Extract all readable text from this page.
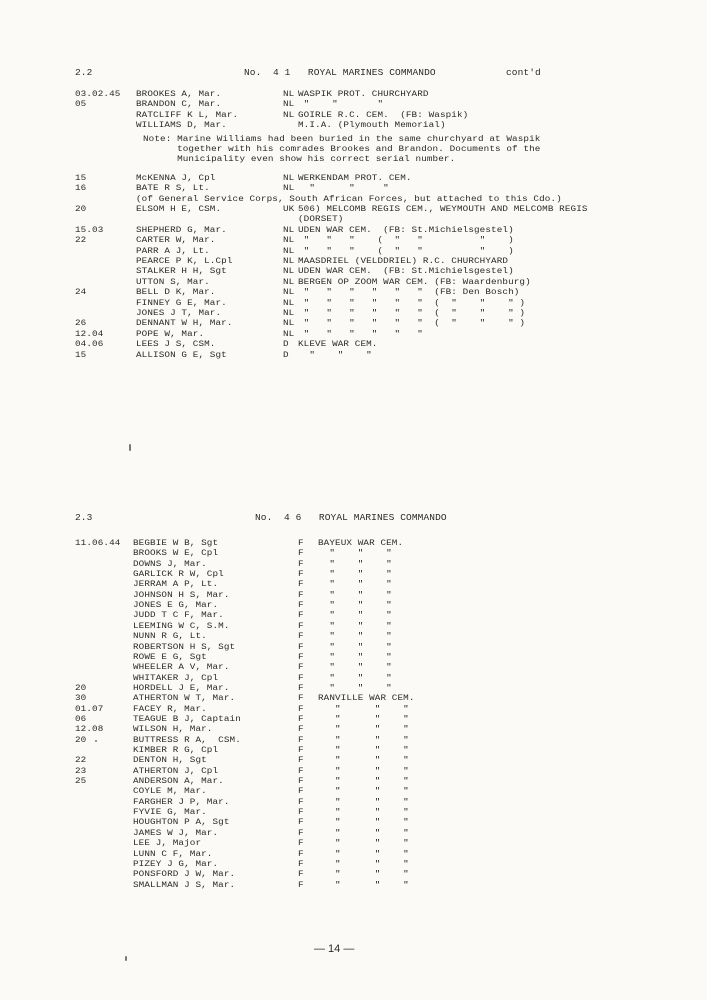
2.2	No.  4 1   ROYAL MARINES COMMANDO	cont'd
03.02.45 BROOKES A, Mar.	NL WASPIK PROT. CHURCHYARD
05	BRANDON C, Mar.	NL "    "       "
RATCLIFF K L, Mar.	NL GOIRLE R.C. CEM.  (FB: Waspik)
WILLIAMS D, Mar.	M.I.A. (Plymouth Memorial)
Note: Marine Williams had been buried in the same churchyard at Waspik
together with his comrades Brookes and Brandon. Documents of the
Municipality even show his correct serial number.
15	McKENNA J, Cpl	NL WERKENDAM PROT. CEM.
16	BATE R S, Lt.	NL "      "     "
(of General Service Corps, South African Forces, but attached to this Cdo.)
20	ELSOM H E, CSM.	UK 506) MELCOMB REGIS CEM., WEYMOUTH AND MELCOMB REGIS
(DORSET)
15.03	SHEPHERD G, Mar.	NL UDEN WAR CEM.  (FB: St.Michielsgestel)
22	CARTER W, Mar.	NL "   "   "    (  "   "          "    )
PARR A J, Lt.	NL "   "   "    (  "   "          "    )
PEARCE P K, L.Cpl	NL MAASDRIEL (VELDDRIEL) R.C. CHURCHYARD
STALKER H H, Sgt	NL UDEN WAR CEM.  (FB: St.Michielsgestel)
UTTON S, Mar.	NL BERGEN OP ZOOM WAR CEM. (FB: Waardenburg)
24	BELL D K, Mar.	NL "   "   "   "   "   "  (FB: Den Bosch)
FINNEY G E, Mar.	NL "   "   "   "   "   "  (  "    "    " )
JONES J T, Mar.	NL "   "   "   "   "   "  (  "    "    " )
26	DENNANT W H, Mar.	NL "   "   "   "   "   "  (  "    "    " )
12.04	POPE W, Mar.	NL "   "   "   "   "   "
04.06	LEES J S, CSM.	D KLEVE WAR CEM.
15	ALLISON G E, Sgt	D "    "    "
2.3	No.  4 6   ROYAL MARINES COMMANDO
11.06.44 BEGBIE W B, Sgt	F BAYEUX WAR CEM.
BROOKS W E, Cpl	F "    "    "
DOWNS J, Mar.	F "    "    "
GARLICK R W, Cpl	F "    "    "
JERRAM A P, Lt.	F "    "    "
JOHNSON H S, Mar.	F "    "    "
JONES E G, Mar.	F "    "    "
JUDD T C F, Mar.	F "    "    "
LEEMING W C, S.M.	F "    "    "
NUNN R G, Lt.	F "    "    "
ROBERTSON H S, Sgt	F "    "    "
ROWE E G, Sgt	F "    "    "
WHEELER A V, Mar.	F "    "    "
WHITAKER J, Cpl	F "    "    "
20	HORDELL J E, Mar.	F "    "    "
30	ATHERTON W T, Mar.	F RANVILLE WAR CEM.
01.07	FACEY R, Mar.	F "      "    "
06	TEAGUE B J, Captain	F "      "    "
12.08	WILSON H, Mar.	F "      "    "
20	BUTTRESS R A,  CSM.	F "      "    "
KIMBER R G, Cpl	F "      "    "
22	DENTON H, Sgt	F "      "    "
23	ATHERTON J, Cpl	F "      "    "
25	ANDERSON A, Mar.	F "      "    "
COYLE M, Mar.	F "      "    "
FARGHER J P, Mar.	F "      "    "
FYVIE G, Mar.	F "      "    "
HOUGHTON P A, Sgt	F "      "    "
JAMES W J, Mar.	F "      "    "
LEE J, Major	F "      "    "
LUNN C F, Mar.	F "      "    "
PIZEY J G, Mar.	F "      "    "
PONSFORD J W, Mar.	F "      "    "
SMALLMAN J S, Mar.	F "      "    "
— 14 —
